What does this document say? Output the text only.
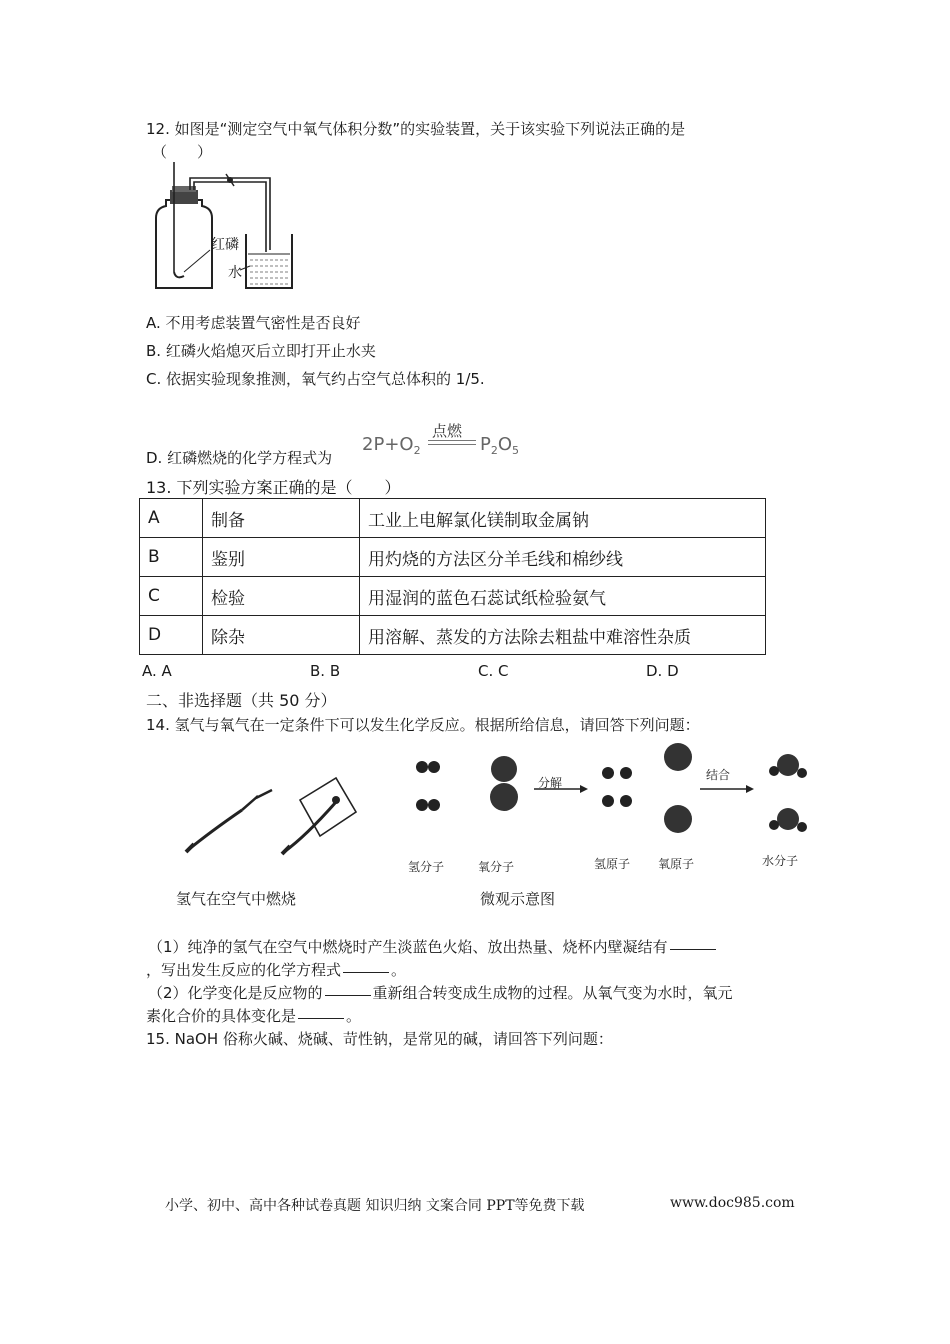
12. 如图是“测定空气中氧气体积分数”的实验装置，关于该实验下列说法正确的是
（　　）
红磷
水
A. 不用考虑装置气密性是否良好
B. 红磷火焰熄灭后立即打开止水夹
C. 依据实验现象推测，氧气约占空气总体积的 1/5.
D. 红磷燃烧的化学方程式为
点燃
$2P+O_2$	$P_2O_5$
13. 下列实验方案正确的是（　　）
A	制备	工业上电解氯化镁制取金属钠
B	鉴别	用灼烧的方法区分羊毛线和棉纱线
C	检验	用湿润的蓝色石蕊试纸检验氨气
D	除杂	用溶解、蒸发的方法除去粗盐中难溶性杂质
A. A	B. B	C. C	D. D
二、非选择题（共 50 分）
14. 氢气与氧气在一定条件下可以发生化学反应。根据所给信息，请回答下列问题：
分解
结合
氢分子	氧分子	氢原子 氧原子	水分子
氢气在空气中燃烧	微观示意图
（1）纯净的氢气在空气中燃烧时产生淡蓝色火焰、放出热量、烧杯内壁凝结有
，写出发生反应的化学方程式	。
（2）化学变化是反应物的	重新组合转变成生成物的过程。从氧气变为水时，氧元
素化合价的具体变化是	。
15. NaOH 俗称火碱、烧碱、苛性钠，是常见的碱，请回答下列问题：
小学、初中、高中各种试卷真题 知识归纳 文案合同 PPT等免费下载	www.doc985.com
